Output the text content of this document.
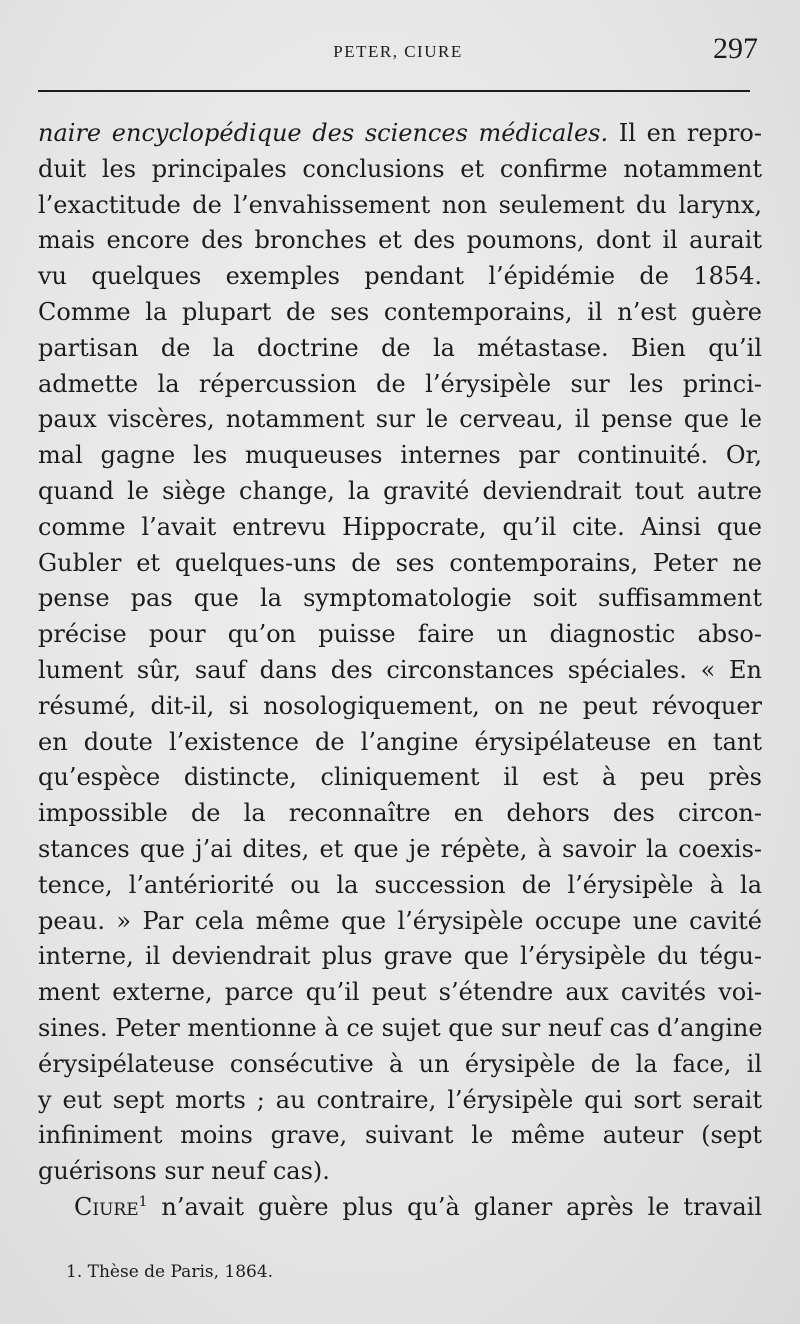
PETER, CIURE	297
naire encyclopédique des sciences médicales. Il en repro-
duit les principales conclusions et confirme notamment
l’exactitude de l’envahissement non seulement du larynx,
mais encore des bronches et des poumons, dont il aurait
vu quelques exemples pendant l’épidémie de 1854.
Comme la plupart de ses contemporains, il n’est guère
partisan de la doctrine de la métastase. Bien qu’il
admette la répercussion de l’érysipèle sur les princi-
paux viscères, notamment sur le cerveau, il pense que le
mal gagne les muqueuses internes par continuité. Or,
quand le siège change, la gravité deviendrait tout autre
comme l’avait entrevu Hippocrate, qu’il cite. Ainsi que
Gubler et quelques-uns de ses contemporains, Peter ne
pense pas que la symptomatologie soit suffisamment
précise pour qu’on puisse faire un diagnostic abso-
lument sûr, sauf dans des circonstances spéciales. « En
résumé, dit-il, si nosologiquement, on ne peut révoquer
en doute l’existence de l’angine érysipélateuse en tant
qu’espèce distincte, cliniquement il est à peu près
impossible de la reconnaître en dehors des circon-
stances que j’ai dites, et que je répète, à savoir la coexis-
tence, l’antériorité ou la succession de l’érysipèle à la
peau. » Par cela même que l’érysipèle occupe une cavité
interne, il deviendrait plus grave que l’érysipèle du tégu-
ment externe, parce qu’il peut s’étendre aux cavités voi-
sines. Peter mentionne à ce sujet que sur neuf cas d’angine
érysipélateuse consécutive à un érysipèle de la face, il
y eut sept morts ; au contraire, l’érysipèle qui sort serait
infiniment moins grave, suivant le même auteur (sept
guérisons sur neuf cas).
Ciure$^1$ n’avait guère plus qu’à glaner après le travail
1. Thèse de Paris, 1864.
